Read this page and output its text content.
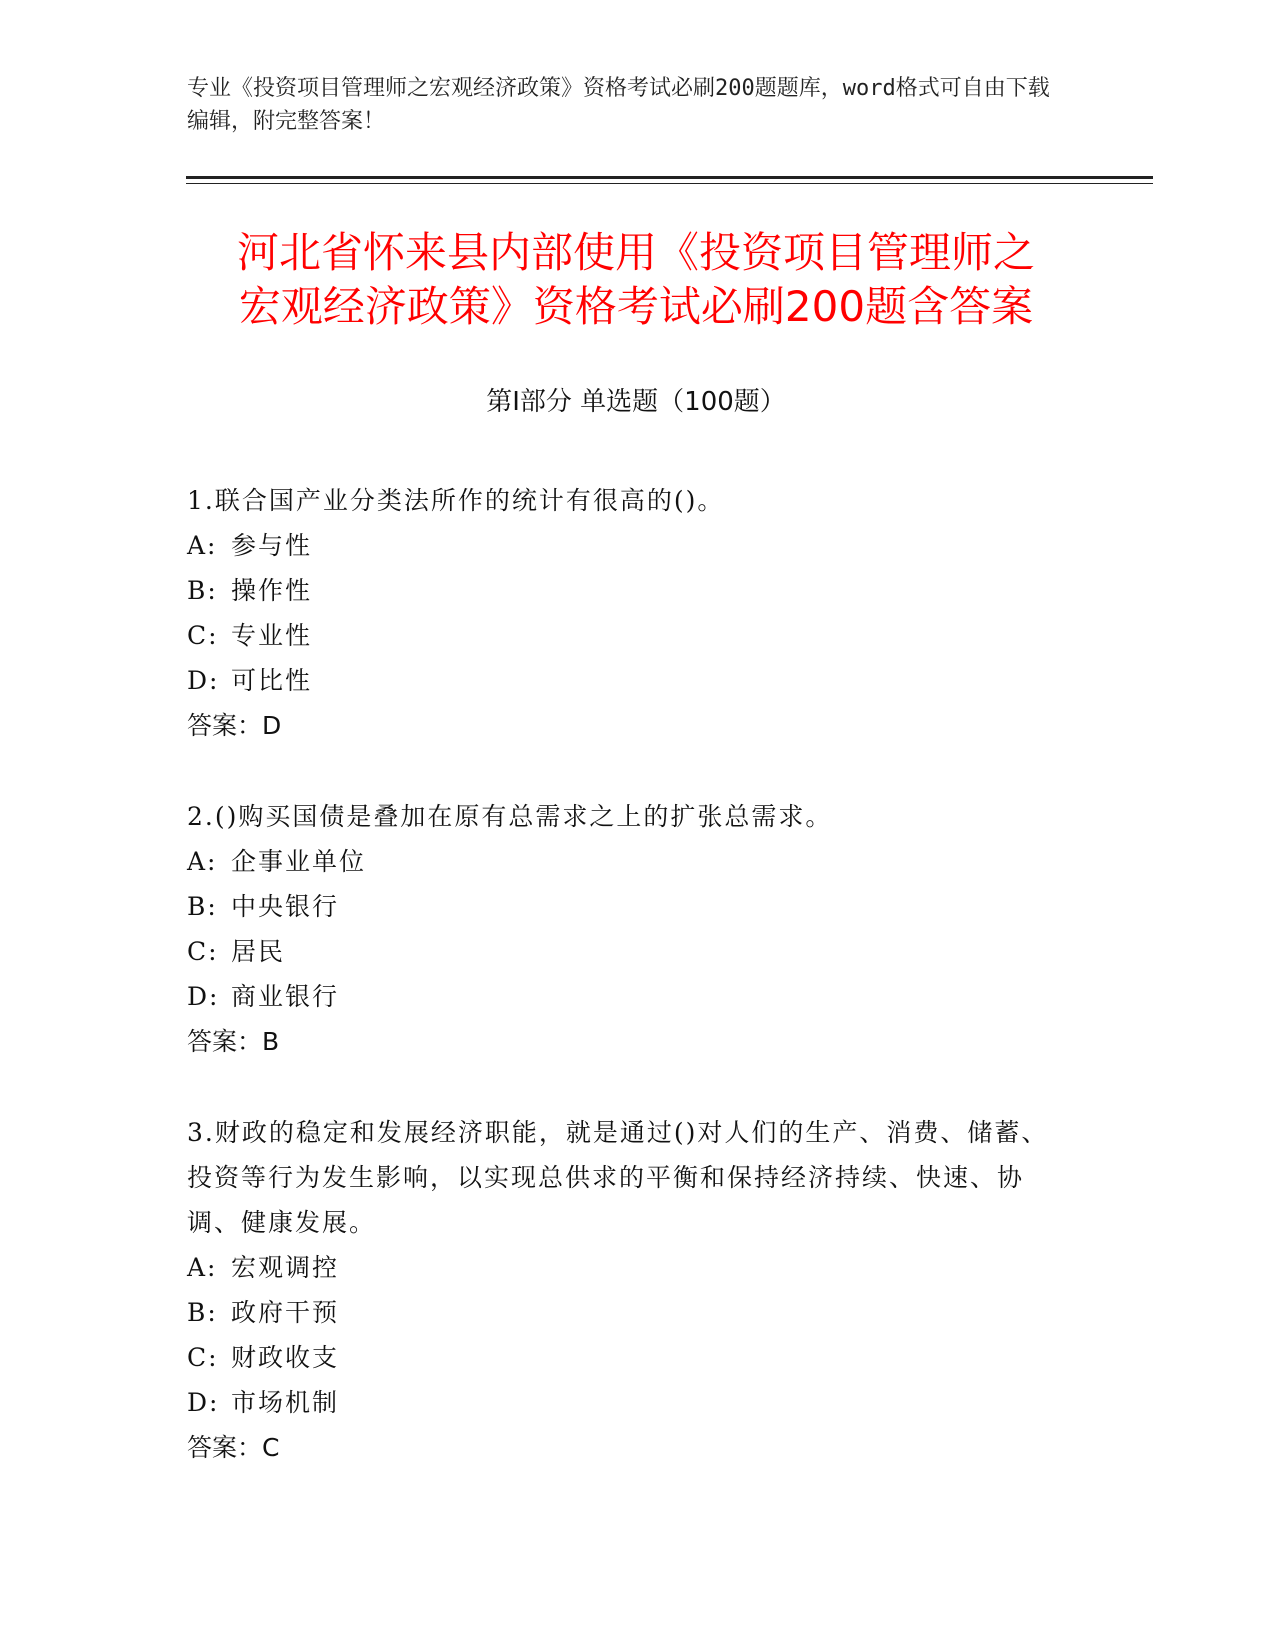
专业《投资项目管理师之宏观经济政策》资格考试必刷200题题库，word格式可自由下载编辑，附完整答案！
河北省怀来县内部使用《投资项目管理师之
宏观经济政策》资格考试必刷200题含答案
第Ⅰ部分 单选题（100题）
1.联合国产业分类法所作的统计有很高的()。
A: 参与性
B: 操作性
C: 专业性
D: 可比性
答案：D
2.()购买国债是叠加在原有总需求之上的扩张总需求。
A: 企事业单位
B: 中央银行
C: 居民
D: 商业银行
答案：B
3.财政的稳定和发展经济职能，就是通过()对人们的生产、消费、储蓄、投资等行为发生影响，以实现总供求的平衡和保持经济持续、快速、协调、健康发展。
A: 宏观调控
B: 政府干预
C: 财政收支
D: 市场机制
答案：C
